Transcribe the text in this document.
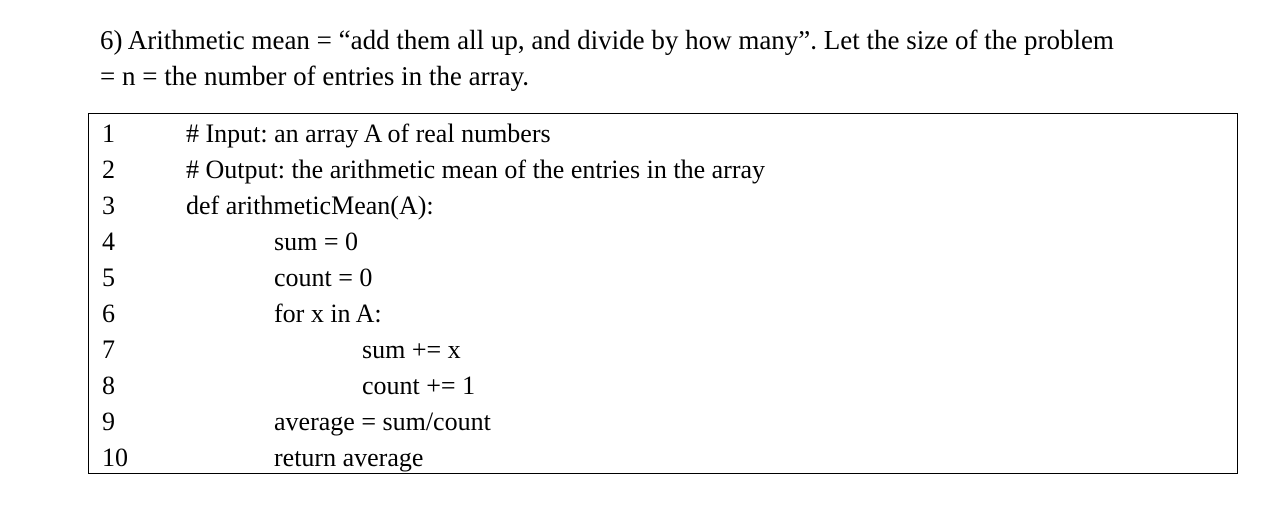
6) Arithmetic mean = “add them all up, and divide by how many”. Let the size of the problem
= n = the number of entries in the array.

1	# Input: an array A of real numbers
2	# Output: the arithmetic mean of the entries in the array
3	def arithmeticMean(A):
4	sum = 0
5	count = 0
6	for x in A:
7	sum += x
8	count += 1
9	average = sum/count
10	return average
